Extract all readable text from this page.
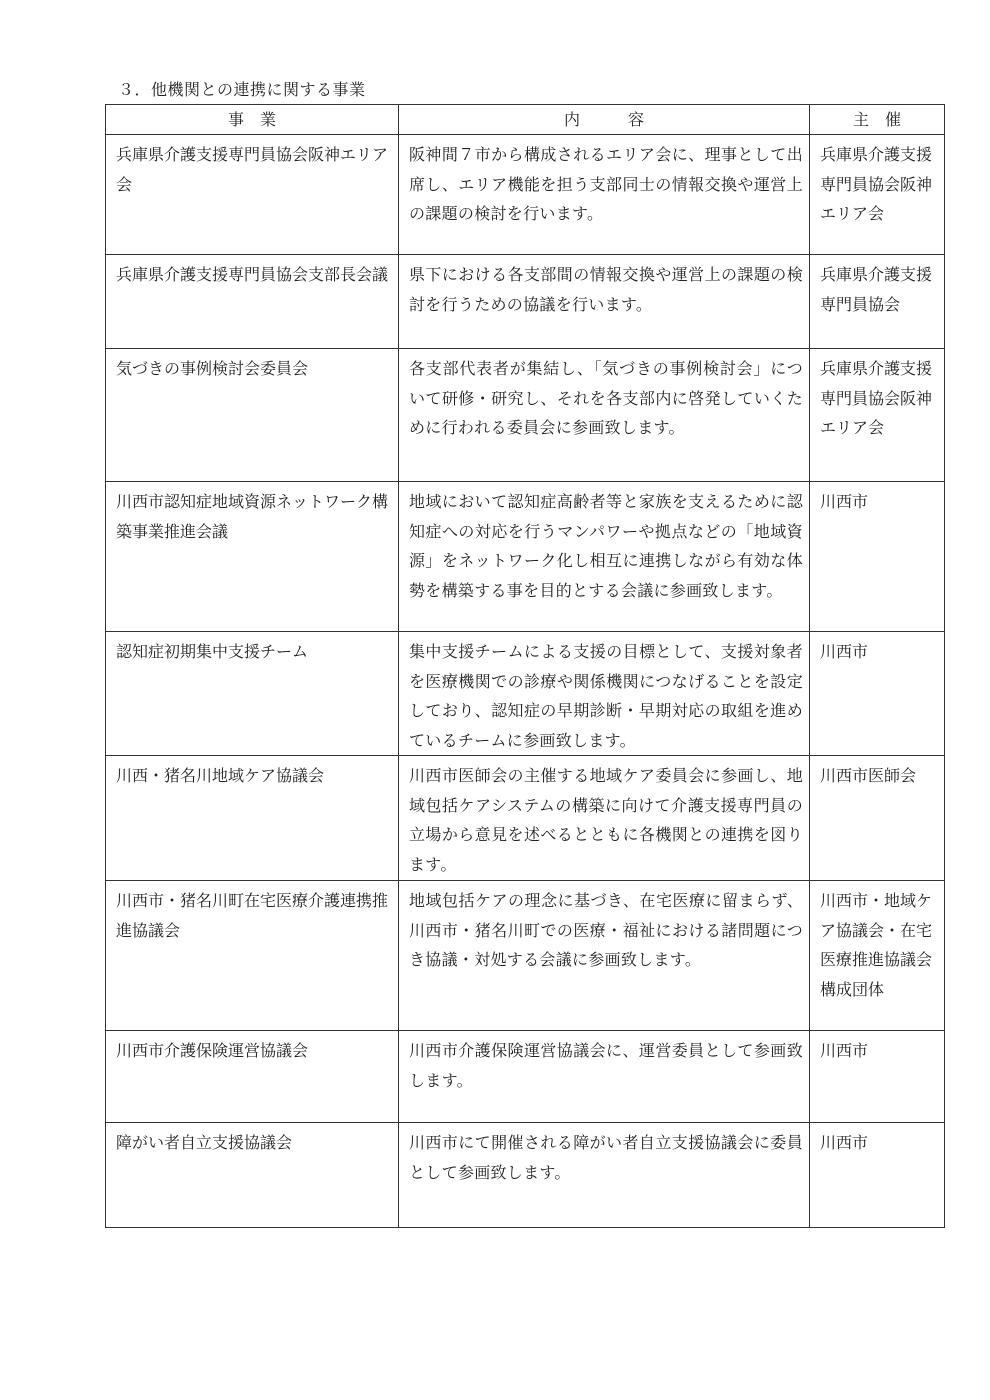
３．他機関との連携に関する事業
事　業	内　　　容	主　催
兵庫県介護支援専門員協会阪神エリア会	阪神間７市から構成されるエリア会に、理事として出席し、エリア機能を担う支部同士の情報交換や運営上の課題の検討を行います。	兵庫県介護支援専門員協会阪神エリア会
兵庫県介護支援専門員協会支部長会議	県下における各支部間の情報交換や運営上の課題の検討を行うための協議を行います。	兵庫県介護支援専門員協会
気づきの事例検討会委員会	各支部代表者が集結し、「気づきの事例検討会」について研修・研究し、それを各支部内に啓発していくために行われる委員会に参画致します。	兵庫県介護支援専門員協会阪神エリア会
川西市認知症地域資源ネットワーク構築事業推進会議	地域において認知症高齢者等と家族を支えるために認知症への対応を行うマンパワーや拠点などの「地域資源」をネットワーク化し相互に連携しながら有効な体勢を構築する事を目的とする会議に参画致します。	川西市
認知症初期集中支援チーム	集中支援チームによる支援の目標として、支援対象者を医療機関での診療や関係機関につなげることを設定しており、認知症の早期診断・早期対応の取組を進めているチームに参画致します。	川西市
川西・猪名川地域ケア協議会	川西市医師会の主催する地域ケア委員会に参画し、地域包括ケアシステムの構築に向けて介護支援専門員の立場から意見を述べるとともに各機関との連携を図ります。	川西市医師会
川西市・猪名川町在宅医療介護連携推進協議会	地域包括ケアの理念に基づき、在宅医療に留まらず、川西市・猪名川町での医療・福祉における諸問題につき協議・対処する会議に参画致します。	川西市・地域ケア協議会・在宅医療推進協議会構成団体
川西市介護保険運営協議会	川西市介護保険運営協議会に、運営委員として参画致します。	川西市
障がい者自立支援協議会	川西市にて開催される障がい者自立支援協議会に委員として参画致します。	川西市
